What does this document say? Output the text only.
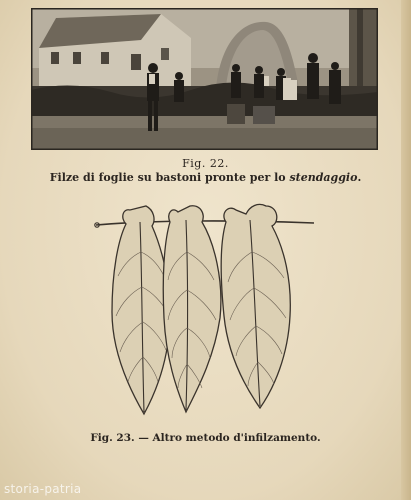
Fig. 22.
Filze di foglie su bastoni pronte per lo stendaggio.
Fig. 23. — Altro metodo d'infilzamento.
storia-patria
